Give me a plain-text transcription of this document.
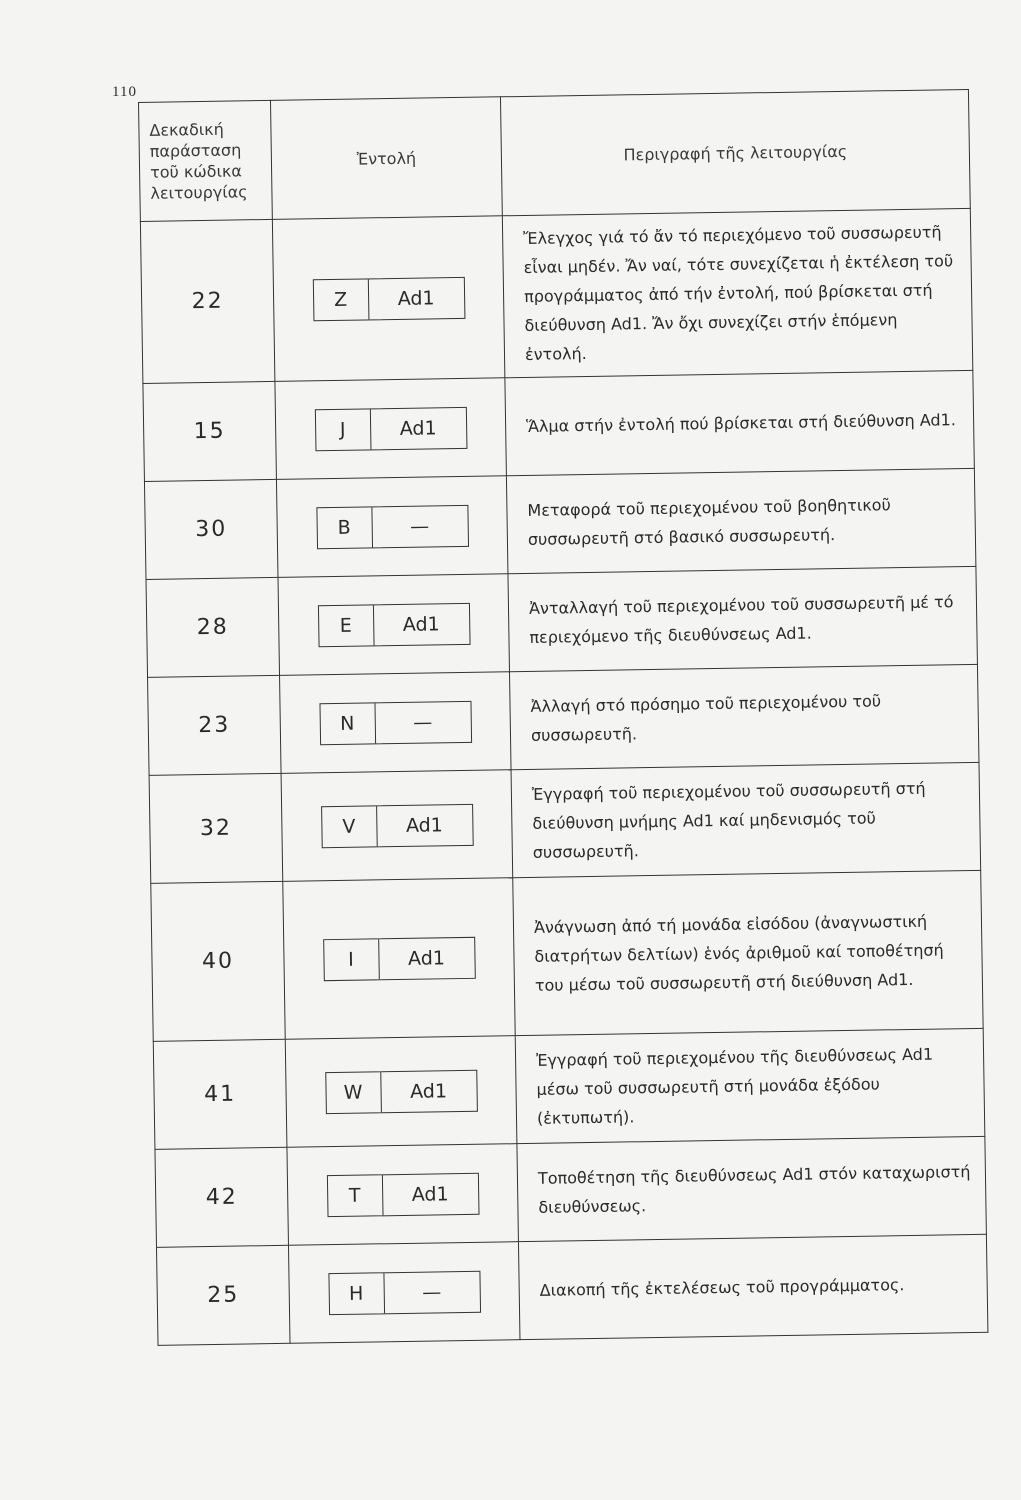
110
Δεκαδική παράσταση τοῦ κώδικα λειτουργίας	Ἐντολή	Περιγραφή τῆς λειτουργίας
22	Z Ad1	Ἔλεγχος γιά τό ἄν τό περιεχόμενο τοῦ συσσωρευτῆ εἶναι μηδέν. Ἄν ναί, τότε συνεχίζεται ἡ ἐκτέλεση τοῦ προγράμματος ἀπό τήν ἐντολή, πού βρίσκεται στή διεύθυνση Ad1. Ἄν ὄχι συνεχίζει στήν ἑπόμενη ἐντολή.
15	J Ad1	Ἅλμα στήν ἐντολή πού βρίσκεται στή διεύθυνση Ad1.
30	B —	Μεταφορά τοῦ περιεχομένου τοῦ βοηθητικοῦ συσσωρευτῆ στό βασικό συσσωρευτή.
28	E Ad1	Ἀνταλλαγή τοῦ περιεχομένου τοῦ συσσωρευτῆ μέ τό περιεχόμενο τῆς διευθύνσεως Ad1.
23	N —	Ἀλλαγή στό πρόσημο τοῦ περιεχομένου τοῦ συσσωρευτῆ.
32	V Ad1	Ἐγγραφή τοῦ περιεχομένου τοῦ συσσωρευτῆ στή διεύθυνση μνήμης Ad1 καί μηδενισμός τοῦ συσσωρευτῆ.
40	I Ad1	Ἀνάγνωση ἀπό τή μονάδα εἰσόδου (ἀναγνωστική διατρήτων δελτίων) ἑνός ἀριθμοῦ καί τοποθέτησή του μέσω τοῦ συσσωρευτῆ στή διεύθυνση Ad1.
41	W Ad1	Ἐγγραφή τοῦ περιεχομένου τῆς διευθύνσεως Ad1 μέσω τοῦ συσσωρευτῆ στή μονάδα ἐξόδου (ἐκτυπωτή).
42	T Ad1	Τοποθέτηση τῆς διευθύνσεως Ad1 στόν καταχωριστή διευθύνσεως.
25	H —	Διακοπή τῆς ἐκτελέσεως τοῦ προγράμματος.
